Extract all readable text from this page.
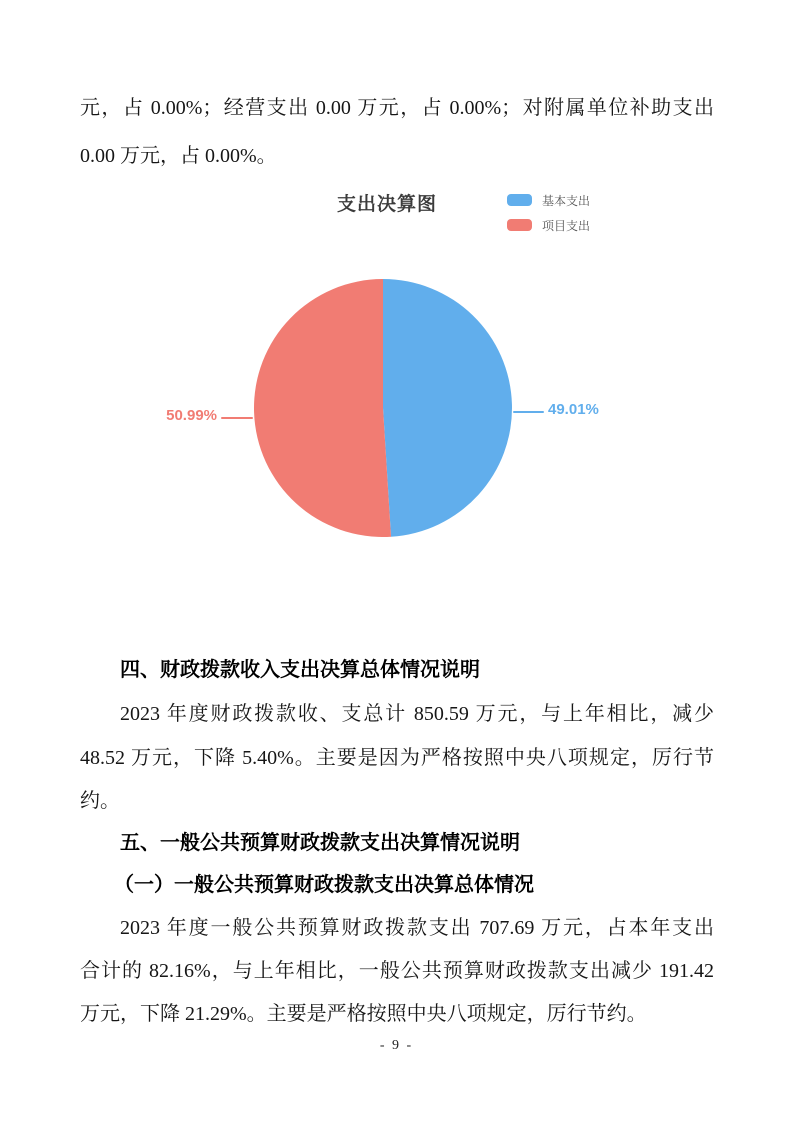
元，占 0.00%；经营支出 0.00 万元，占 0.00%；对附属单位补助支出
0.00 万元，占 0.00%。
支出决算图	基本支出
项目支出
50.99%	49.01%
四、财政拨款收入支出决算总体情况说明
2023 年度财政拨款收、支总计 850.59 万元，与上年相比，减少
48.52 万元，下降 5.40%。主要是因为严格按照中央八项规定，厉行节
约。
五、一般公共预算财政拨款支出决算情况说明
（一）一般公共预算财政拨款支出决算总体情况
2023 年度一般公共预算财政拨款支出 707.69 万元，占本年支出
合计的 82.16%，与上年相比，一般公共预算财政拨款支出减少 191.42
万元，下降 21.29%。主要是严格按照中央八项规定，厉行节约。
- 9 -
